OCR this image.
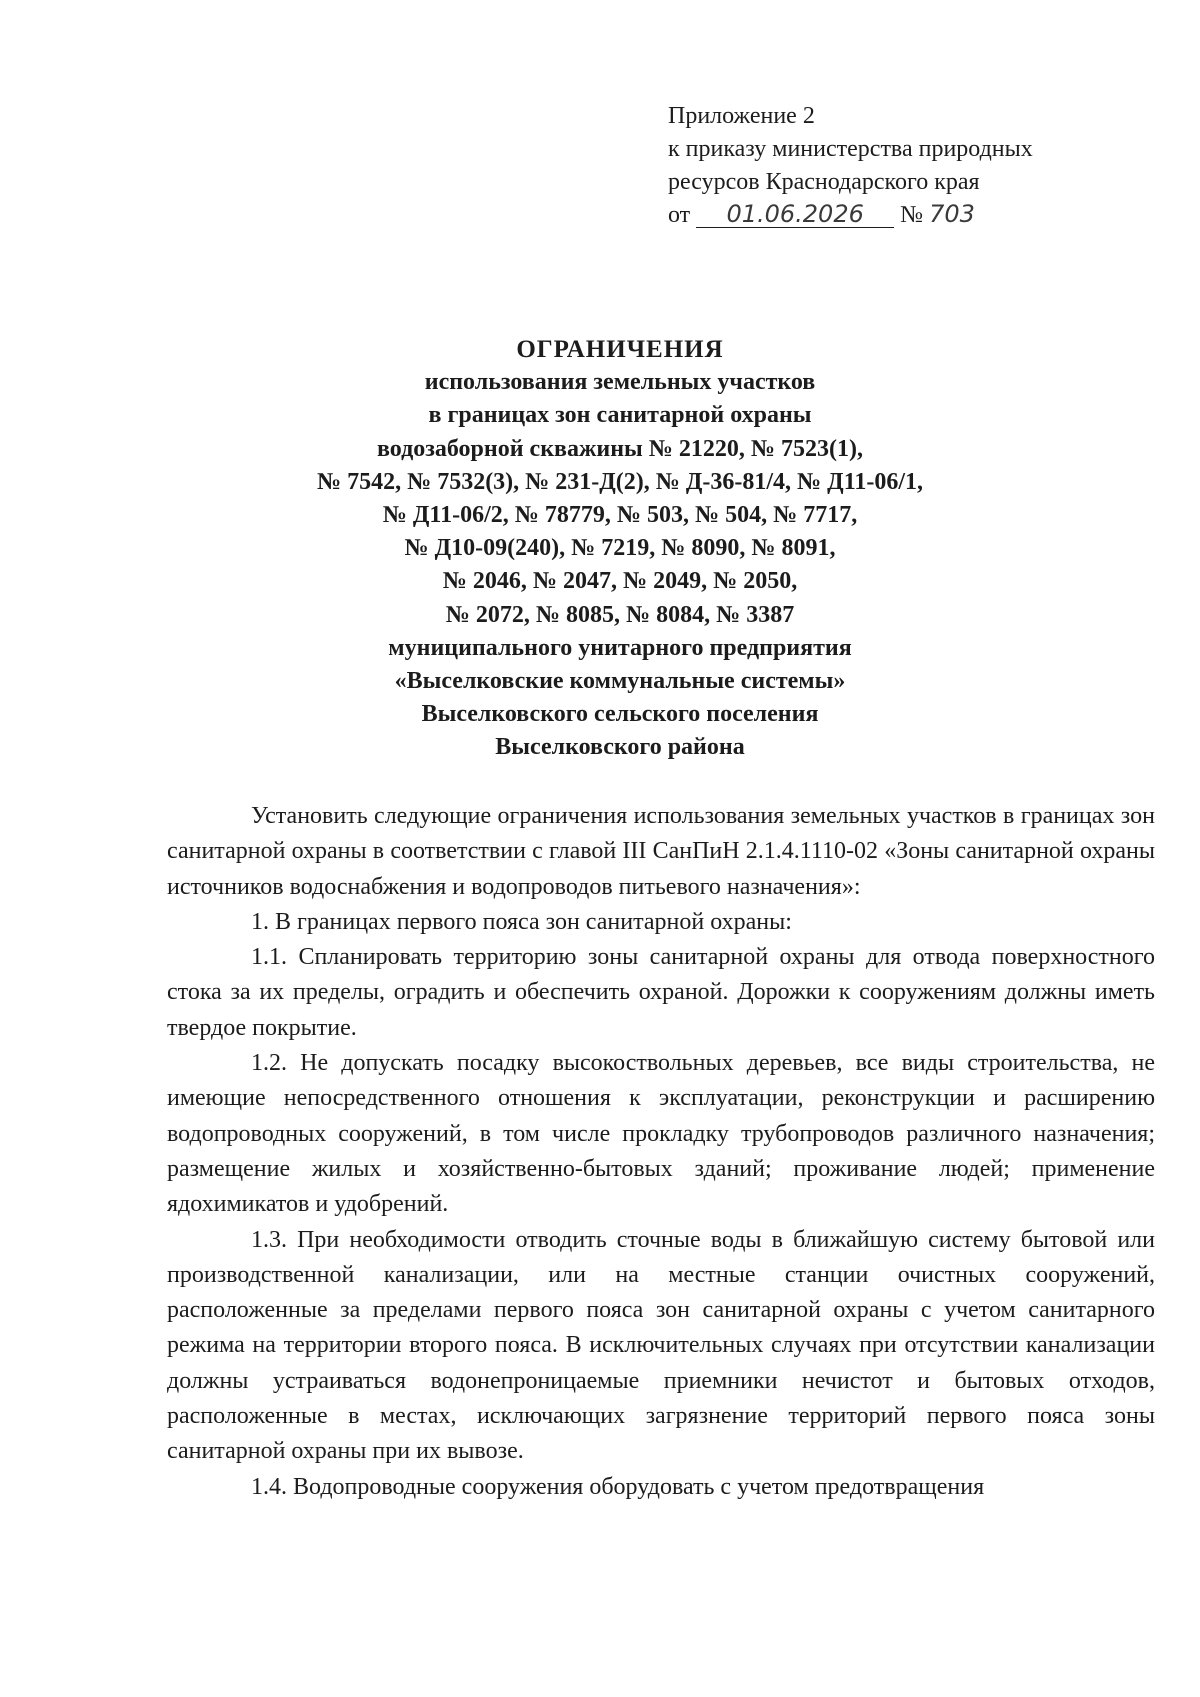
Приложение 2
к приказу министерства природных
ресурсов Краснодарского края
от 01.06.2026 № 703
ОГРАНИЧЕНИЯ
использования земельных участков
в границах зон санитарной охраны
водозаборной скважины № 21220, № 7523(1),
№ 7542, № 7532(3), № 231-Д(2), № Д-36-81/4, № Д11-06/1,
№ Д11-06/2, № 78779, № 503, № 504, № 7717,
№ Д10-09(240), № 7219, № 8090, № 8091,
№ 2046, № 2047, № 2049, № 2050,
№ 2072, № 8085, № 8084, № 3387
муниципального унитарного предприятия
«Выселковские коммунальные системы»
Выселковского сельского поселения
Выселковского района

Установить следующие ограничения использования земельных участков в границах зон санитарной охраны в соответствии с главой III СанПиН 2.1.4.1110-02 «Зоны санитарной охраны источников водоснабжения и водопроводов питьевого назначения»:

1. В границах первого пояса зон санитарной охраны:

1.1. Спланировать территорию зоны санитарной охраны для отвода поверхностного стока за их пределы, оградить и обеспечить охраной. Дорожки к сооружениям должны иметь твердое покрытие.

1.2. Не допускать посадку высокоствольных деревьев, все виды строительства, не имеющие непосредственного отношения к эксплуатации, реконструкции и расширению водопроводных сооружений, в том числе прокладку трубопроводов различного назначения; размещение жилых и хозяйственно-бытовых зданий; проживание людей; применение ядохимикатов и удобрений.

1.3. При необходимости отводить сточные воды в ближайшую систему бытовой или производственной канализации, или на местные станции очистных сооружений, расположенные за пределами первого пояса зон санитарной охраны с учетом санитарного режима на территории второго пояса. В исключительных случаях при отсутствии канализации должны устраиваться водонепроницаемые приемники нечистот и бытовых отходов, расположенные в местах, исключающих загрязнение территорий первого пояса зоны санитарной охраны при их вывозе.

1.4. Водопроводные сооружения оборудовать с учетом предотвращения
